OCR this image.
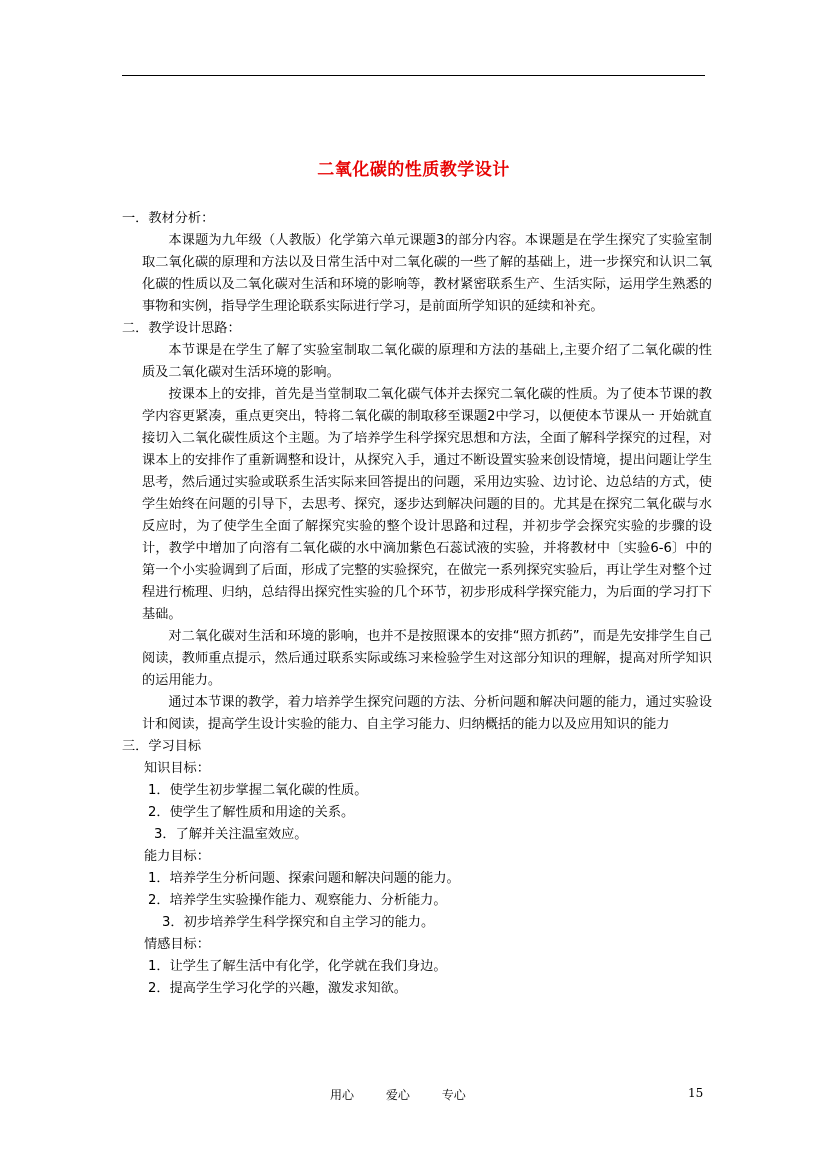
二氧化碳的性质教学设计

一．教材分析：

本课题为九年级（人教版）化学第六单元课题3的部分内容。本课题是在学生探究了实验室制取二氧化碳的原理和方法以及日常生活中对二氧化碳的一些了解的基础上，进一步探究和认识二氧化碳的性质以及二氧化碳对生活和环境的影响等，教材紧密联系生产、生活实际，运用学生熟悉的事物和实例，指导学生理论联系实际进行学习，是前面所学知识的延续和补充。

二．教学设计思路：

本节课是在学生了解了实验室制取二氧化碳的原理和方法的基础上,主要介绍了二氧化碳的性质及二氧化碳对生活环境的影响。

按课本上的安排，首先是当堂制取二氧化碳气体并去探究二氧化碳的性质。为了使本节课的教学内容更紧凑，重点更突出，特将二氧化碳的制取移至课题2中学习，以便使本节课从一 开始就直接切入二氧化碳性质这个主题。为了培养学生科学探究思想和方法，全面了解科学探究的过程，对课本上的安排作了重新调整和设计，从探究入手，通过不断设置实验来创设情境，提出问题让学生思考，然后通过实验或联系生活实际来回答提出的问题，采用边实验、边讨论、边总结的方式，使学生始终在问题的引导下，去思考、探究，逐步达到解决问题的目的。尤其是在探究二氧化碳与水反应时，为了使学生全面了解探究实验的整个设计思路和过程，并初步学会探究实验的步骤的设计，教学中增加了向溶有二氧化碳的水中滴加紫色石蕊试液的实验，并将教材中〔实验6-6〕中的第一个小实验调到了后面，形成了完整的实验探究，在做完一系列探究实验后，再让学生对整个过程进行梳理、归纳，总结得出探究性实验的几个环节，初步形成科学探究能力，为后面的学习打下基础。

对二氧化碳对生活和环境的影响，也并不是按照课本的安排“照方抓药”，而是先安排学生自己阅读，教师重点提示，然后通过联系实际或练习来检验学生对这部分知识的理解，提高对所学知识的运用能力。

通过本节课的教学，着力培养学生探究问题的方法、分析问题和解决问题的能力，通过实验设计和阅读，提高学生设计实验的能力、自主学习能力、归纳概括的能力以及应用知识的能力

三．学习目标

知识目标：

1．使学生初步掌握二氧化碳的性质。

2．使学生了解性质和用途的关系。

3．了解并关注温室效应。

能力目标：

1．培养学生分析问题、探索问题和解决问题的能力。

2．培养学生实验操作能力、观察能力、分析能力。

3．初步培养学生科学探究和自主学习的能力。

情感目标：

1．让学生了解生活中有化学，化学就在我们身边。

2．提高学生学习化学的兴趣，激发求知欲。

用心	爱心	专心	15
